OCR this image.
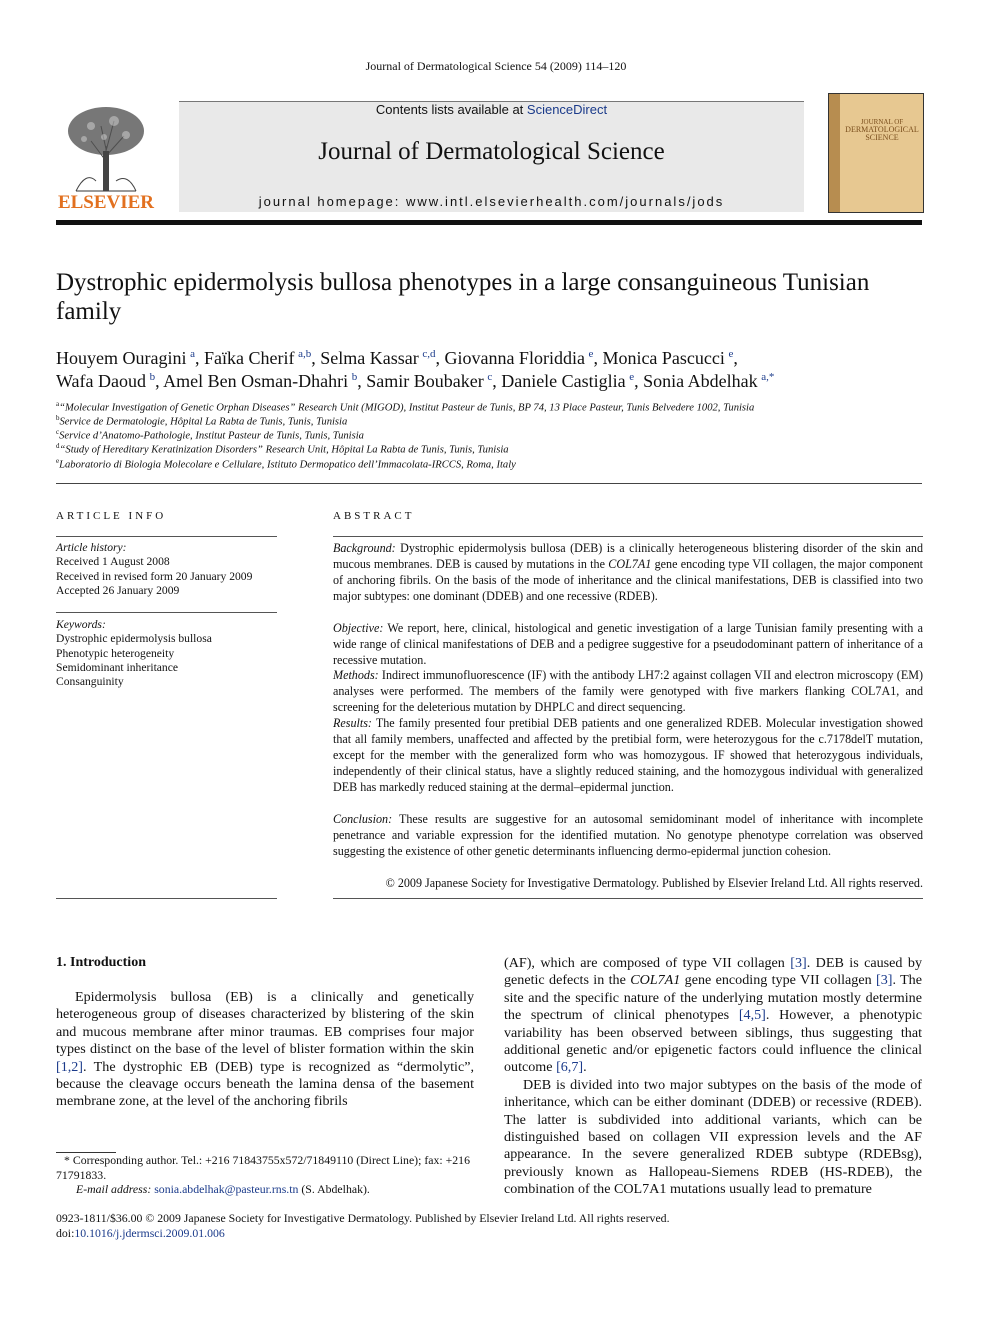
Journal of Dermatological Science 54 (2009) 114–120
ELSEVIER
Contents lists available at ScienceDirect
Journal of Dermatological Science
journal homepage: www.intl.elsevierhealth.com/journals/jods
JOURNAL OF
DERMATOLOGICAL
SCIENCE
Dystrophic epidermolysis bullosa phenotypes in a large consanguineous Tunisian family
Houyem Ouragini  $^a$, Faïka Cherif  $^{a,b}$, Selma Kassar  $^{c,d}$, Giovanna Floriddia  $^e$, Monica Pascucci  $^e$,
Wafa Daoud  $^b$, Amel Ben Osman-Dhahri  $^b$, Samir Boubaker  $^c$, Daniele Castiglia  $^e$, Sonia Abdelhak  $^{a,*}$
$^a$“Molecular Investigation of Genetic Orphan Diseases” Research Unit (MIGOD), Institut Pasteur de Tunis, BP 74, 13 Place Pasteur, Tunis Belvedere 1002, Tunisia
$^b$Service de Dermatologie, Hôpital La Rabta de Tunis, Tunis, Tunisia
$^c$Service d’Anatomo-Pathologie, Institut Pasteur de Tunis, Tunis, Tunisia
$^d$“Study of Hereditary Keratinization Disorders” Research Unit, Hôpital La Rabta de Tunis, Tunis, Tunisia
$^e$Laboratorio di Biologia Molecolare e Cellulare, Istituto Dermopatico dell’Immacolata-IRCCS, Roma, Italy
ARTICLE INFO
Article history:
Received 1 August 2008
Received in revised form 20 January 2009
Accepted 26 January 2009
Keywords:
Dystrophic epidermolysis bullosa
Phenotypic heterogeneity
Semidominant inheritance
Consanguinity
ABSTRACT
Background: Dystrophic epidermolysis bullosa (DEB) is a clinically heterogeneous blistering disorder of the skin and mucous membranes. DEB is caused by mutations in the COL7A1 gene encoding type VII collagen, the major component of anchoring fibrils. On the basis of the mode of inheritance and the clinical manifestations, DEB is classified into two major subtypes: one dominant (DDEB) and one recessive (RDEB).
Objective: We report, here, clinical, histological and genetic investigation of a large Tunisian family presenting with a wide range of clinical manifestations of DEB and a pedigree suggestive for a pseudodominant pattern of inheritance of a recessive mutation.
Methods: Indirect immunofluorescence (IF) with the antibody LH7:2 against collagen VII and electron microscopy (EM) analyses were performed. The members of the family were genotyped with five markers flanking COL7A1, and screening for the deleterious mutation by DHPLC and direct sequencing.
Results: The family presented four pretibial DEB patients and one generalized RDEB. Molecular investigation showed that all family members, unaffected and affected by the pretibial form, were heterozygous for the c.7178delT mutation, except for the member with the generalized form who was homozygous. IF showed that heterozygous individuals, independently of their clinical status, have a slightly reduced staining, and the homozygous individual with generalized DEB has markedly reduced staining at the dermal–epidermal junction.
Conclusion: These results are suggestive for an autosomal semidominant model of inheritance with incomplete penetrance and variable expression for the identified mutation. No genotype phenotype correlation was observed suggesting the existence of other genetic determinants influencing dermo-epidermal junction cohesion.
© 2009 Japanese Society for Investigative Dermatology. Published by Elsevier Ireland Ltd. All rights reserved.
1. Introduction

Epidermolysis bullosa (EB) is a clinically and genetically heterogeneous group of diseases characterized by blistering of the skin and mucous membrane after minor traumas. EB comprises four major types distinct on the base of the level of blister formation within the skin [1,2]. The dystrophic EB (DEB) type is recognized as “dermolytic”, because the cleavage occurs beneath the lamina densa of the basement membrane zone, at the level of the anchoring fibrils

(AF), which are composed of type VII collagen [3]. DEB is caused by genetic defects in the COL7A1 gene encoding type VII collagen [3]. The site and the specific nature of the underlying mutation mostly determine the spectrum of clinical phenotypes [4,5]. However, a phenotypic variability has been observed between siblings, thus suggesting that additional genetic and/or epigenetic factors could influence the clinical outcome [6,7].

DEB is divided into two major subtypes on the basis of the mode of inheritance, which can be either dominant (DDEB) or recessive (RDEB). The latter is subdivided into additional variants, which can be distinguished based on collagen VII expression levels and the AF appearance. In the severe generalized RDEB subtype (RDEBsg), previously known as Hallopeau-Siemens RDEB (HS-RDEB), the combination of the COL7A1 mutations usually lead to premature

* Corresponding author. Tel.: +216 71843755x572/71849110 (Direct Line); fax: +216 71791833.
E-mail address: sonia.abdelhak@pasteur.rns.tn (S. Abdelhak).
0923-1811/$36.00 © 2009 Japanese Society for Investigative Dermatology. Published by Elsevier Ireland Ltd. All rights reserved.
doi:10.1016/j.jdermsci.2009.01.006
